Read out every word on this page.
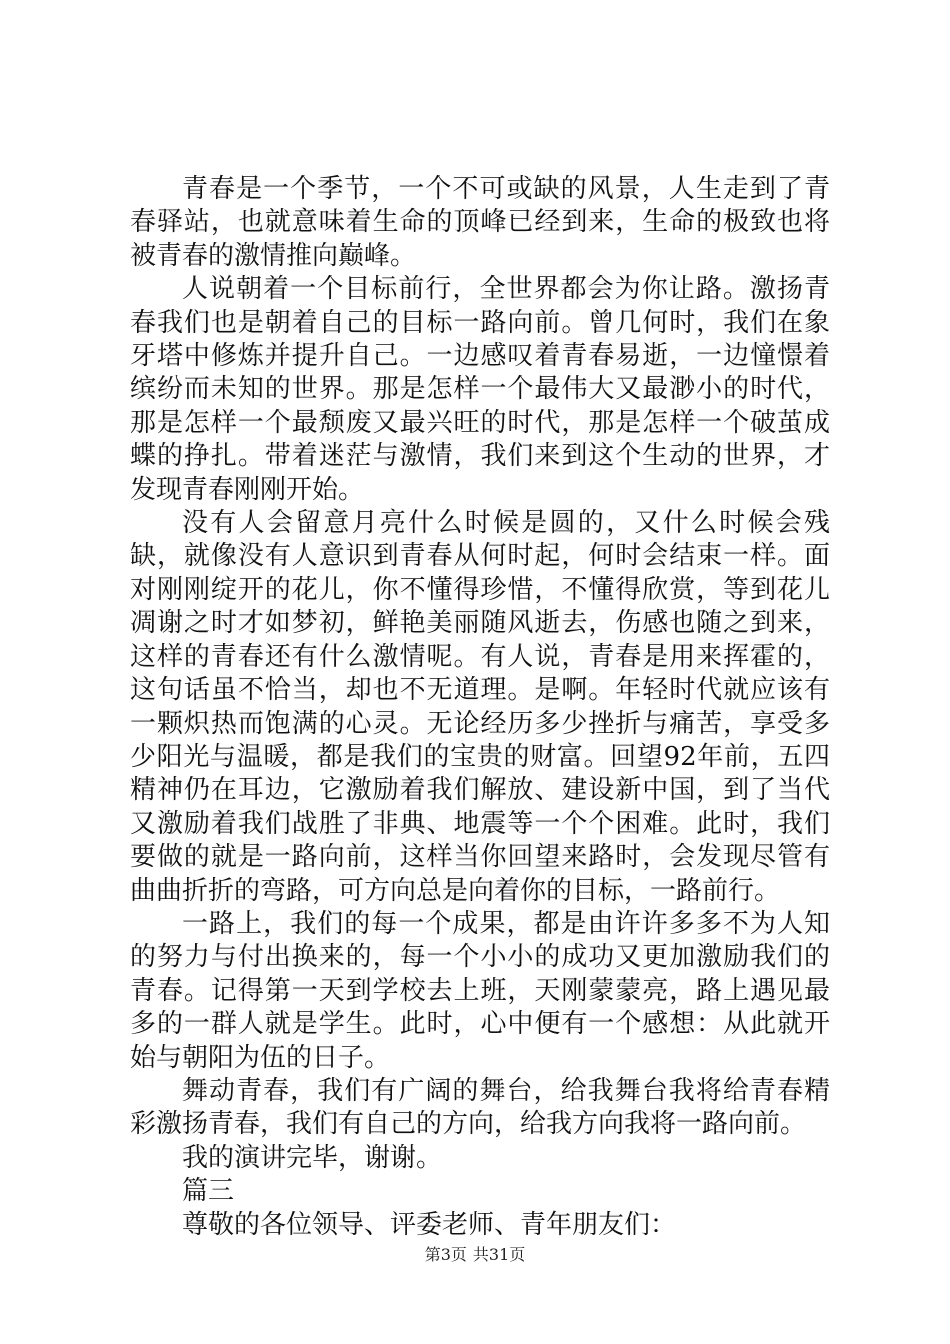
青春是一个季节，一个不可或缺的风景，人生走到了青春驿站，也就意味着生命的顶峰已经到来，生命的极致也将被青春的激情推向巅峰。

人说朝着一个目标前行，全世界都会为你让路。激扬青春我们也是朝着自己的目标一路向前。曾几何时，我们在象牙塔中修炼并提升自己。一边感叹着青春易逝，一边憧憬着缤纷而未知的世界。那是怎样一个最伟大又最渺小的时代，那是怎样一个最颓废又最兴旺的时代，那是怎样一个破茧成蝶的挣扎。带着迷茫与激情，我们来到这个生动的世界，才发现青春刚刚开始。

没有人会留意月亮什么时候是圆的，又什么时候会残缺，就像没有人意识到青春从何时起，何时会结束一样。面对刚刚绽开的花儿，你不懂得珍惜，不懂得欣赏，等到花儿凋谢之时才如梦初，鲜艳美丽随风逝去，伤感也随之到来，这样的青春还有什么激情呢。有人说，青春是用来挥霍的，这句话虽不恰当，却也不无道理。是啊。年轻时代就应该有一颗炽热而饱满的心灵。无论经历多少挫折与痛苦，享受多少阳光与温暖，都是我们的宝贵的财富。回望92年前，五四精神仍在耳边，它激励着我们解放、建设新中国，到了当代又激励着我们战胜了非典、地震等一个个困难。此时，我们要做的就是一路向前，这样当你回望来路时，会发现尽管有曲曲折折的弯路，可方向总是向着你的目标，一路前行。

一路上，我们的每一个成果，都是由许许多多不为人知的努力与付出换来的，每一个小小的成功又更加激励我们的青春。记得第一天到学校去上班，天刚蒙蒙亮，路上遇见最多的一群人就是学生。此时，心中便有一个感想：从此就开始与朝阳为伍的日子。

舞动青春，我们有广阔的舞台，给我舞台我将给青春精彩激扬青春，我们有自己的方向，给我方向我将一路向前。

我的演讲完毕，谢谢。

篇三

尊敬的各位领导、评委老师、青年朋友们：

第3页 共31页
